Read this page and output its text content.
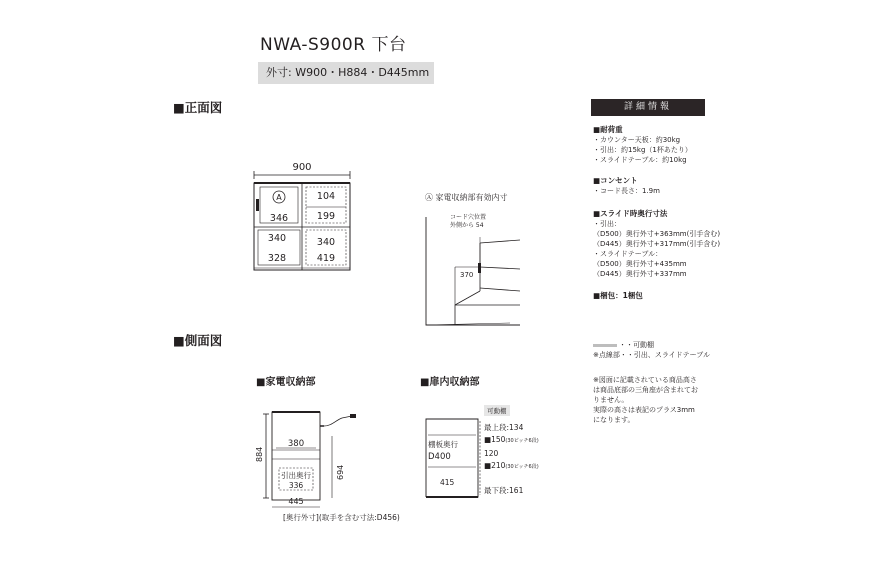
NWA-S900R 下台
外寸: W900・H884・D445mm
■正面図
900
A
346
104
199
340
328
340
419
Ⓐ 家電収納部有効内寸
コード穴位置
外側から 54
370
■側面図
■家電収納部	■扉内収納部
884
380
694
引出奥行
336
445
[奥行外寸](取手を含む寸法:D456)
可動棚
棚板奥行
D400
415
最上段:134
■150(30ピッチ6段)
120
■210(30ピッチ6段)
最下段:161
詳細情報
■耐荷重
・カウンター天板：約30kg
・引出：約15kg（1杯あたり）
・スライドテーブル：約10kg
■コンセント
・コード長さ：1.9m
■スライド時奥行寸法
・引出：
（D500）奥行外寸+363mm(引手含む)
（D445）奥行外寸+317mm(引手含む)
・スライドテーブル：
（D500）奥行外寸+435mm
（D445）奥行外寸+337mm
■梱包：1梱包
・・可動棚
※点線部・・引出、スライドテーブル
※図面に記載されている商品高さ
は商品底部の三角座が含まれてお
りません。
実際の高さは表記のプラス3mm
になります。
